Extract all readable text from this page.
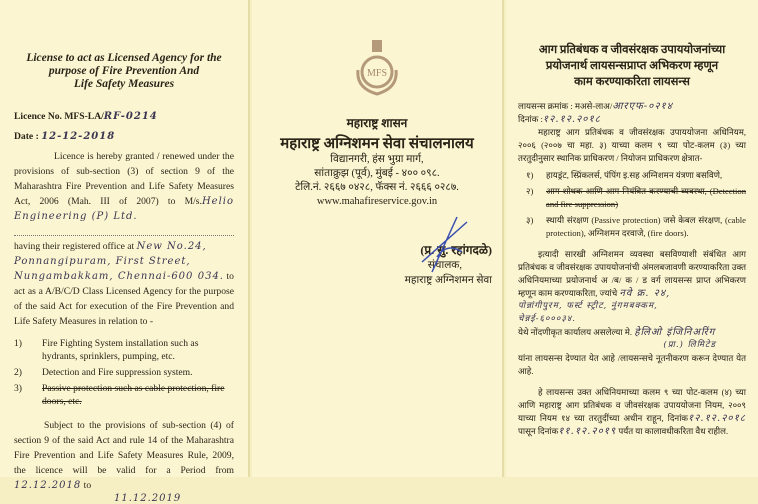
License to act as Licensed Agency for the
purpose of Fire Prevention And
Life Safety Measures
Licence No. MFS-LA/RF-0214
Date : 12-12-2018
Licence is hereby granted / renewed under the provisions of sub-section (3) of section 9 of the Maharashtra Fire Prevention and Life Safety Measures Act, 2006 (Mah. III of 2007) to M/s.Helio Engineering (P) Ltd.
having their registered office at New No.24,
Ponnangipuram, First Street,
Nungambakkam, Chennai-600 034. to act as a A/B/C/D Class Licensed Agency for the purpose of the said Act for execution of the Fire Prevention and Life Safety Measures in relation to -
1)	Fire Fighting System installation such as hydrants, sprinklers, pumping, etc.
2)	Detection and Fire suppression system.
3)	Passive protection such as cable protection, fire doors, etc.
Subject to the provisions of sub-section (4) of section 9 of the said Act and rule 14 of the Maharashtra Fire Prevention and Life Safety Measures Rule, 2009, the licence will be valid for a Period from 12.12.2018 to
11.12.2019
MFS
महाराष्ट्र शासन
महाराष्ट्र अग्निशमन सेवा संचालनालय
विद्यानगरी, हंस भुग्रा मार्ग,
सांताक्रुझ (पूर्व), मुंबई - ४०० ०९८.
टेलि.नं. २६६७ ०४२८, फॅक्स नं. २६६६ ०२८७.
www.mahafireservice.gov.in
(प्र. सु. रहांगदळे)
संचालक,
महाराष्ट्र अग्निशमन सेवा
आग प्रतिबंधक व जीवसंरक्षक उपाययोजनांच्या
प्रयोजनार्थ लायसन्सप्राप्त अभिकरण म्हणून
काम करण्याकरिता लायसन्स
लायसन्स क्रमांक : मअसे-लाअ/आरएफ-०२१४
दिनांक :१२.१२.२०१८
महाराष्ट्र आग प्रतिबंधक व जीवसंरक्षक उपाययोजना अधिनियम, २००६ (२००७ चा महा. ३) याच्या कलम ९ च्या पोट-कलम (३) च्या तरतुदीनुसार स्थानिक प्राधिकरण / नियोजन प्राधिकरण क्षेत्रात-
१)	हायड्रंट, स्प्रिंकलर्स, पंपिंग इ.सह अग्निशमन यंत्रणा बसविणे,
२)	आग शोधक आणि आग नियंत्रित करण्याची व्यवस्था, (Detection and fire suppression)
३)	स्थायी संरक्षण (Passive protection) जसे केबल संरक्षण, (cable protection), अग्निशमन दरवाजे, (fire doors).
इत्यादी सारखी अग्निशमन व्यवस्था बसविण्याशी संबंधित आग प्रतिबंधक व जीवसंरक्षक उपाययोजनांची अंमलबजावणी करण्याकरिता उक्त अधिनियमाच्या प्रयोजनार्थ अ /ब/ क / ड वर्ग लायसन्स प्राप्त अभिकरण म्हणून काम करण्याकरिता, ज्यांचे नवे क्र. २४,
पोन्नांगीपुरम, फर्स्ट स्ट्रीट, नुंगमबक्कम,
चेन्नई-६०००३४.
येथे नोंदणीकृत कार्यालय असलेल्या मे. हेलिओ इंजिनिअरिंग
(प्रा.) लिमिटेड
यांना लायसन्स देण्यात येत आहे /लायसन्सचे नूतनीकरण करून देण्यात येत आहे.
हे लायसन्स उक्त अधिनियमाच्या कलम ९ च्या पोट-कलम (४) च्या आणि महाराष्ट्र आग प्रतिबंधक व जीवसंरक्षक उपाययोजना नियम, २००९ याच्या नियम १४ च्या तरतुदींच्या अधीन राहून, दिनांक१२.१२.२०१८ पासून दिनांक११.१२.२०१९ पर्यंत या कालावधीकरिता वैध राहील.
